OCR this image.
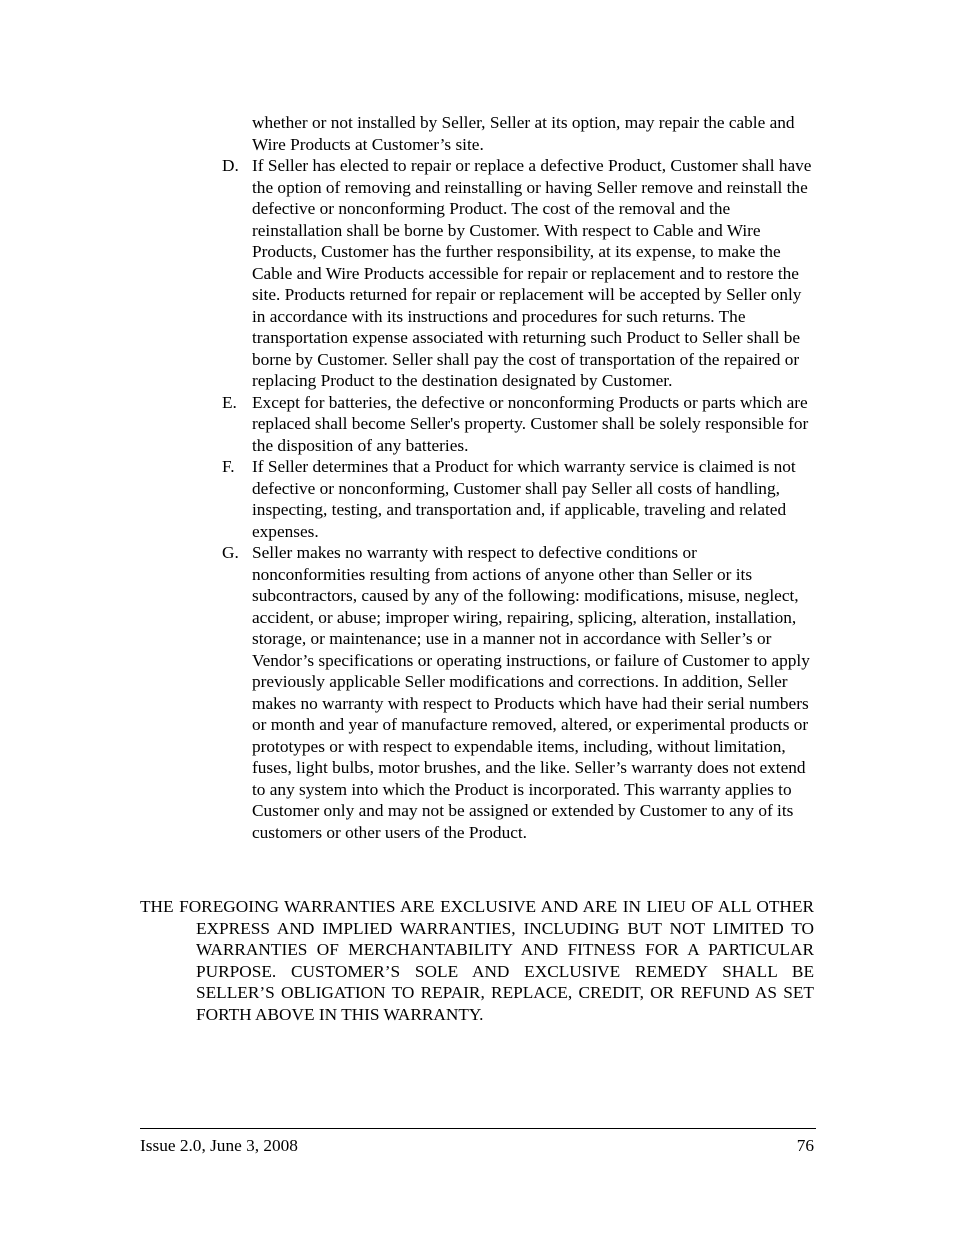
whether or not installed by Seller, Seller at its option, may repair the cable and Wire Products at Customer’s site.

D. If Seller has elected to repair or replace a defective Product, Customer shall have the option of removing and reinstalling or having Seller remove and reinstall the defective or nonconforming Product. The cost of the removal and the reinstallation shall be borne by Customer. With respect to Cable and Wire Products, Customer has the further responsibility, at its expense, to make the Cable and Wire Products accessible for repair or replacement and to restore the site. Products returned for repair or replacement will be accepted by Seller only in accordance with its instructions and procedures for such returns. The transportation expense associated with returning such Product to Seller shall be borne by Customer. Seller shall pay the cost of transportation of the repaired or replacing Product to the destination designated by Customer.
E. Except for batteries, the defective or nonconforming Products or parts which are replaced shall become Seller's property. Customer shall be solely responsible for the disposition of any batteries.
F. If Seller determines that a Product for which warranty service is claimed is not defective or nonconforming, Customer shall pay Seller all costs of handling, inspecting, testing, and transportation and, if applicable, traveling and related expenses.
G. Seller makes no warranty with respect to defective conditions or nonconformities resulting from actions of anyone other than Seller or its subcontractors, caused by any of the following: modifications, misuse, neglect, accident, or abuse; improper wiring, repairing, splicing, alteration, installation, storage, or maintenance; use in a manner not in accordance with Seller’s or Vendor’s specifications or operating instructions, or failure of Customer to apply previously applicable Seller modifications and corrections. In addition, Seller makes no warranty with respect to Products which have had their serial numbers or month and year of manufacture removed, altered, or experimental products or prototypes or with respect to expendable items, including, without limitation, fuses, light bulbs, motor brushes, and the like. Seller’s warranty does not extend to any system into which the Product is incorporated. This warranty applies to Customer only and may not be assigned or extended by Customer to any of its customers or other users of the Product.

THE FOREGOING WARRANTIES ARE EXCLUSIVE AND ARE IN LIEU OF ALL OTHER EXPRESS AND IMPLIED WARRANTIES, INCLUDING BUT NOT LIMITED TO WARRANTIES OF MERCHANTABILITY AND FITNESS FOR A PARTICULAR PURPOSE. CUSTOMER’S SOLE AND EXCLUSIVE REMEDY SHALL BE SELLER’S OBLIGATION TO REPAIR, REPLACE, CREDIT, OR REFUND AS SET FORTH ABOVE IN THIS WARRANTY.

Issue 2.0, June 3, 2008	76
